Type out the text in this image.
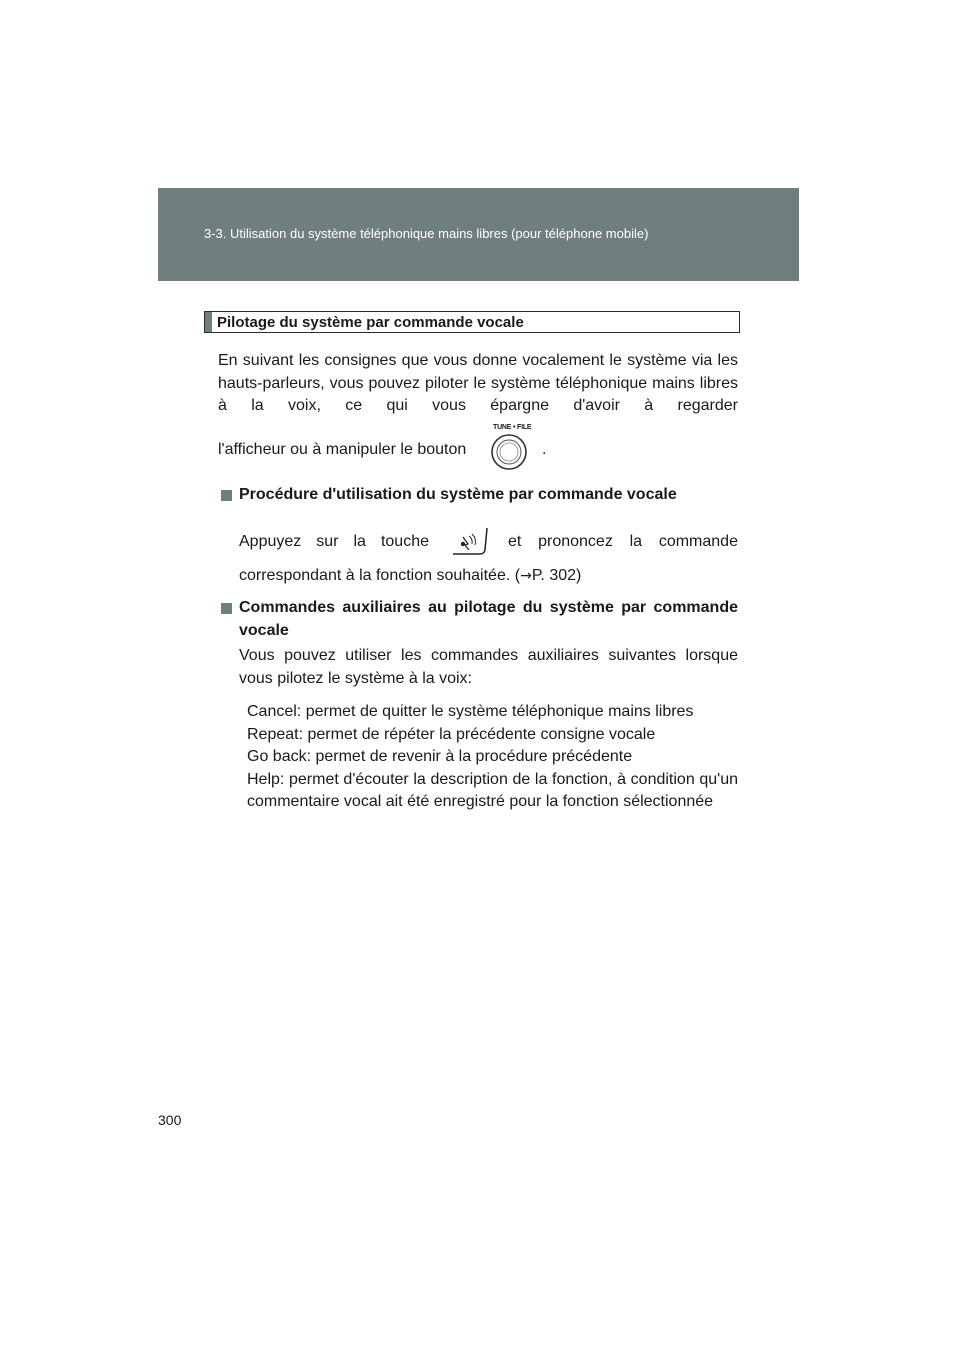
3-3. Utilisation du système téléphonique mains libres (pour téléphone mobile)
Pilotage du système par commande vocale
En suivant les consignes que vous donne vocalement le système via les hauts-parleurs, vous pouvez piloter le système téléphonique mains libres à la voix, ce qui vous épargne d'avoir à regarder
l'afficheur ou à manipuler le bouton
TUNE • FILE
.
Procédure d'utilisation du système par commande vocale
Appuyez sur la touche	et prononcez la commande
correspondant à la fonction souhaitée. (→P. 302)
Commandes auxiliaires au pilotage du système par commande vocale
Vous pouvez utiliser les commandes auxiliaires suivantes lorsque vous pilotez le système à la voix:
Cancel: permet de quitter le système téléphonique mains libres
Repeat: permet de répéter la précédente consigne vocale
Go back: permet de revenir à la procédure précédente
Help: permet d'écouter la description de la fonction, à condition qu'un commentaire vocal ait été enregistré pour la fonction sélectionnée
300
